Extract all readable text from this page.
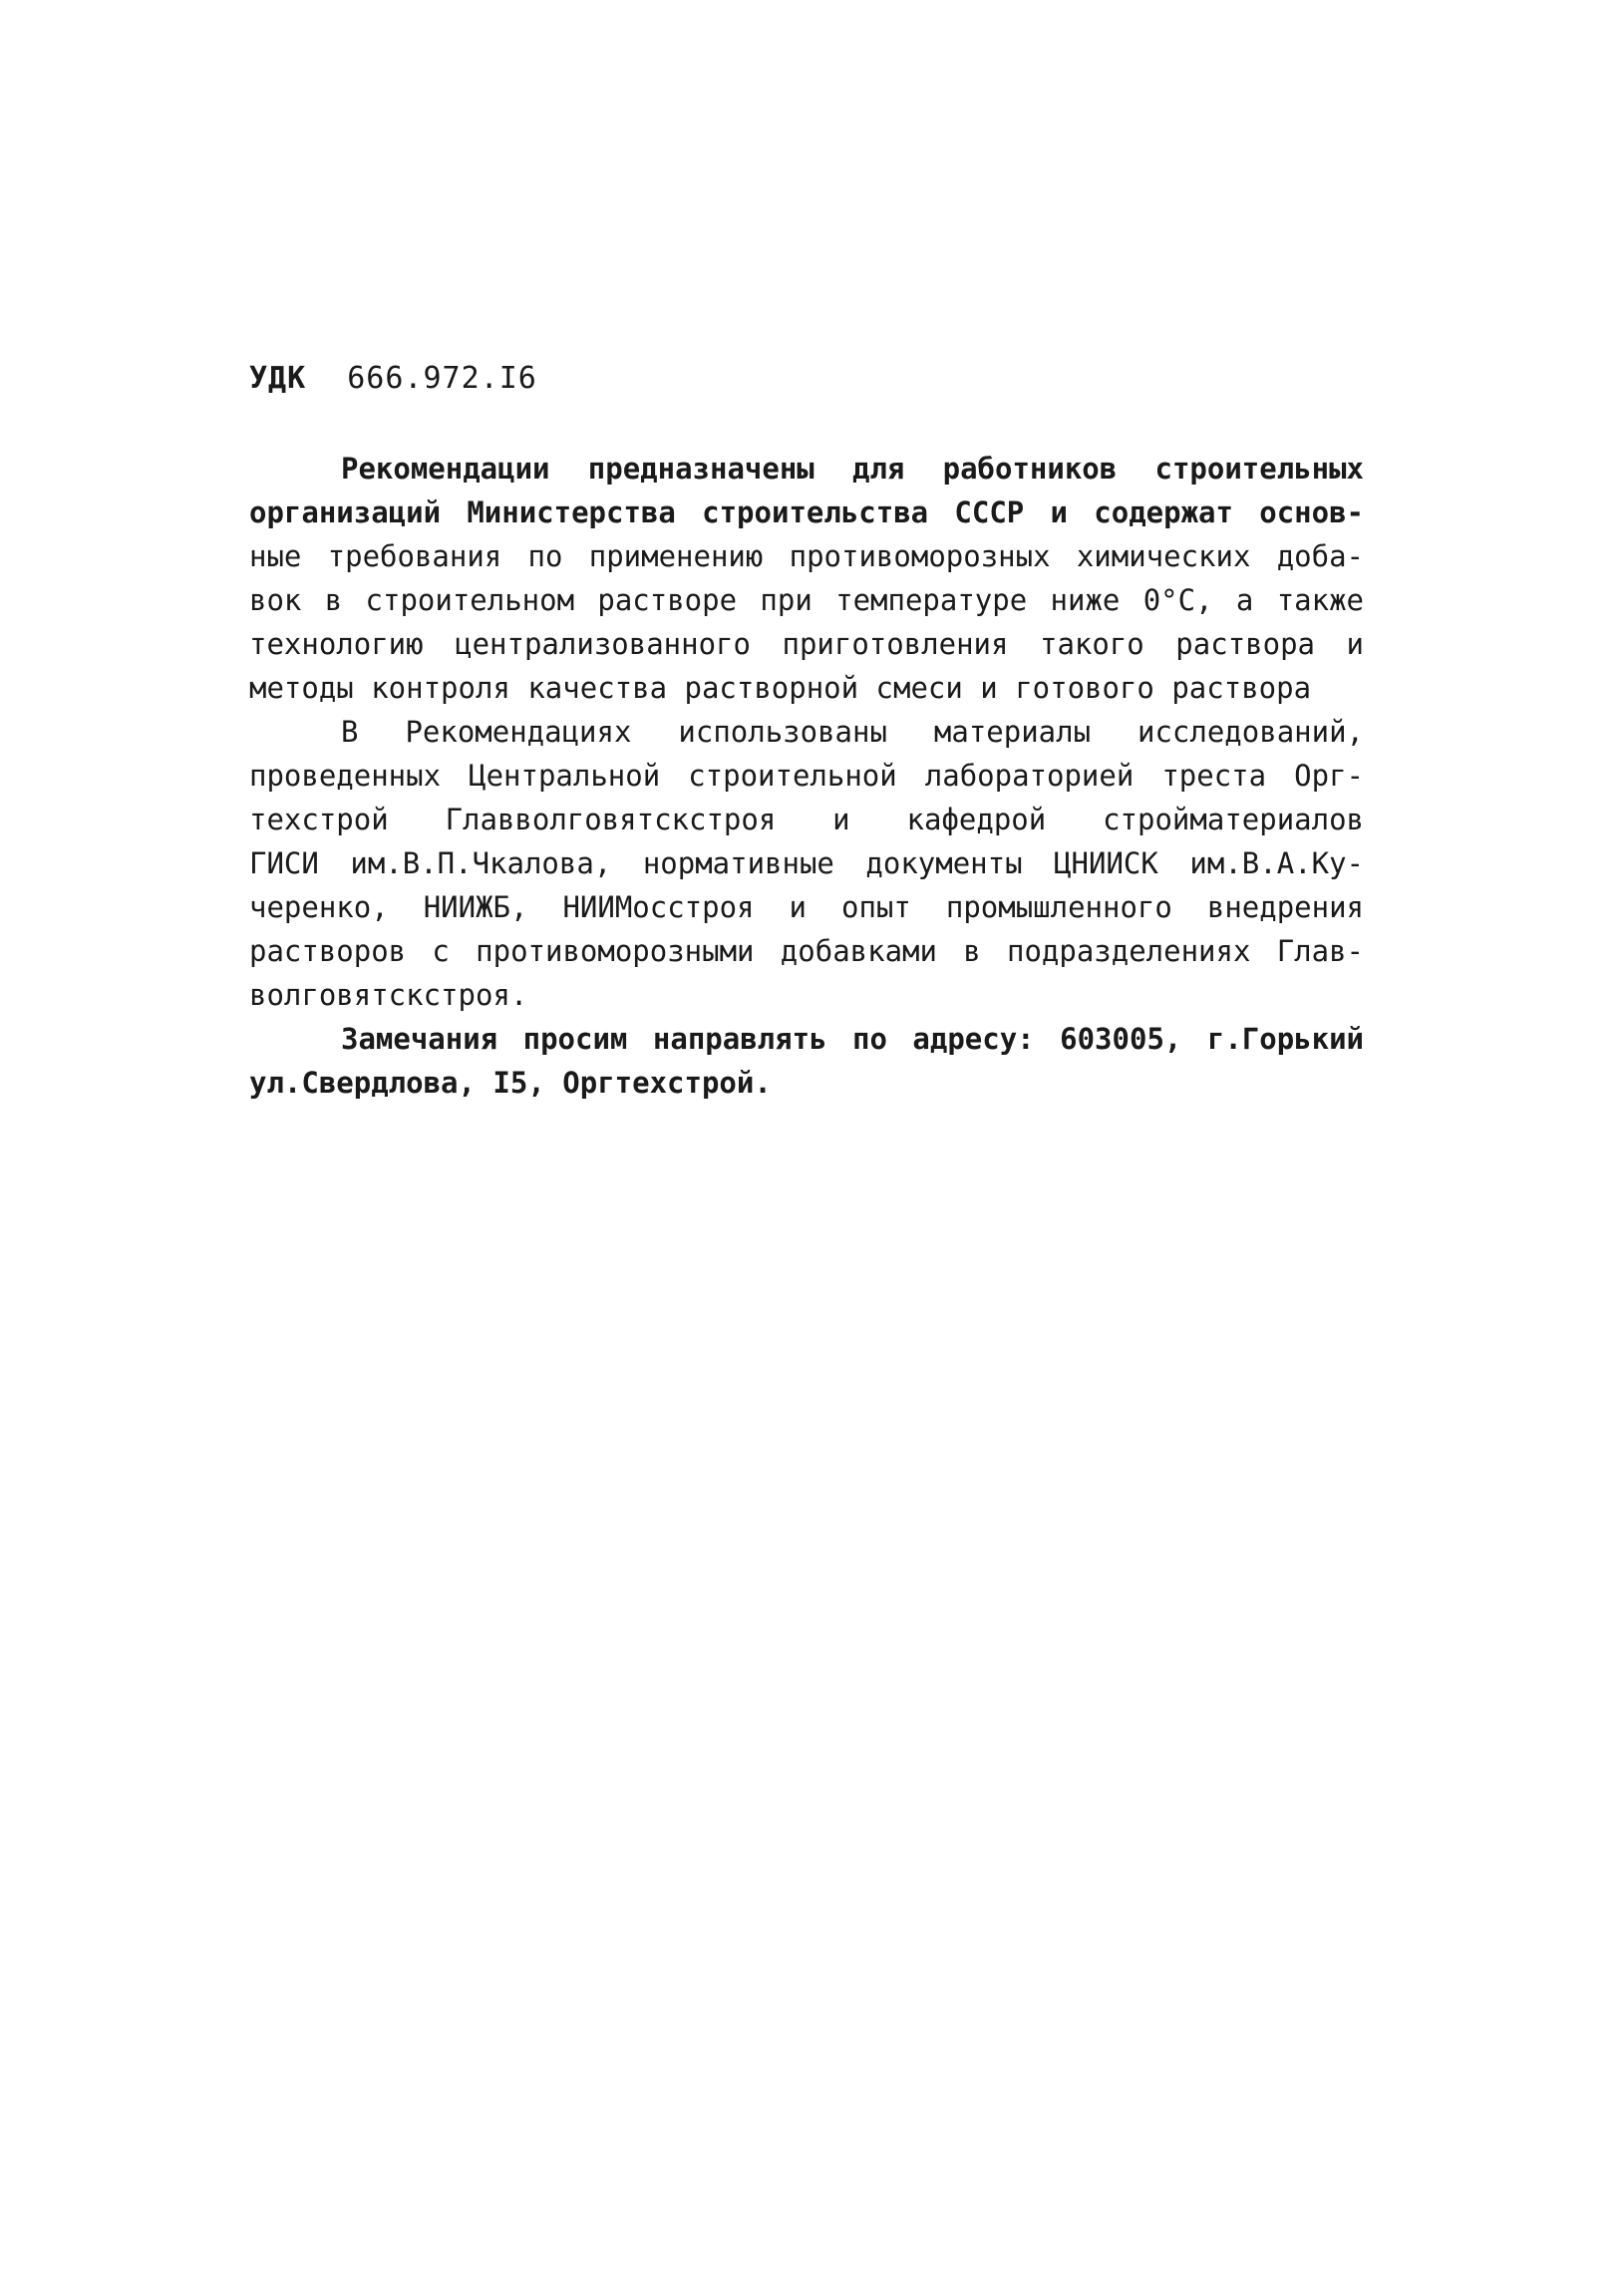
УДК 666.972.I6
Рекомендации предназначены для работников строительных
организаций Министерства строительства СССР и содержат основ-
ные требования по применению противоморозных химических доба-
вок в строительном растворе при температуре ниже 0°C, а также
технологию централизованного приготовления такого раствора и
методы контроля качества растворной смеси и готового раствора
В Рекомендациях использованы материалы исследований,
проведенных Центральной строительной лабораторией треста Орг-
техстрой Главволговятскстроя и кафедрой стройматериалов
ГИСИ им.В.П.Чкалова, нормативные документы ЦНИИСК им.В.А.Ку-
черенко, НИИЖБ, НИИМосстроя и опыт промышленного внедрения
растворов с противоморозными добавками в подразделениях Глав-
волговятскстроя.
Замечания просим направлять по адресу: 603005, г.Горький
ул.Свердлова, I5, Оргтехстрой.
